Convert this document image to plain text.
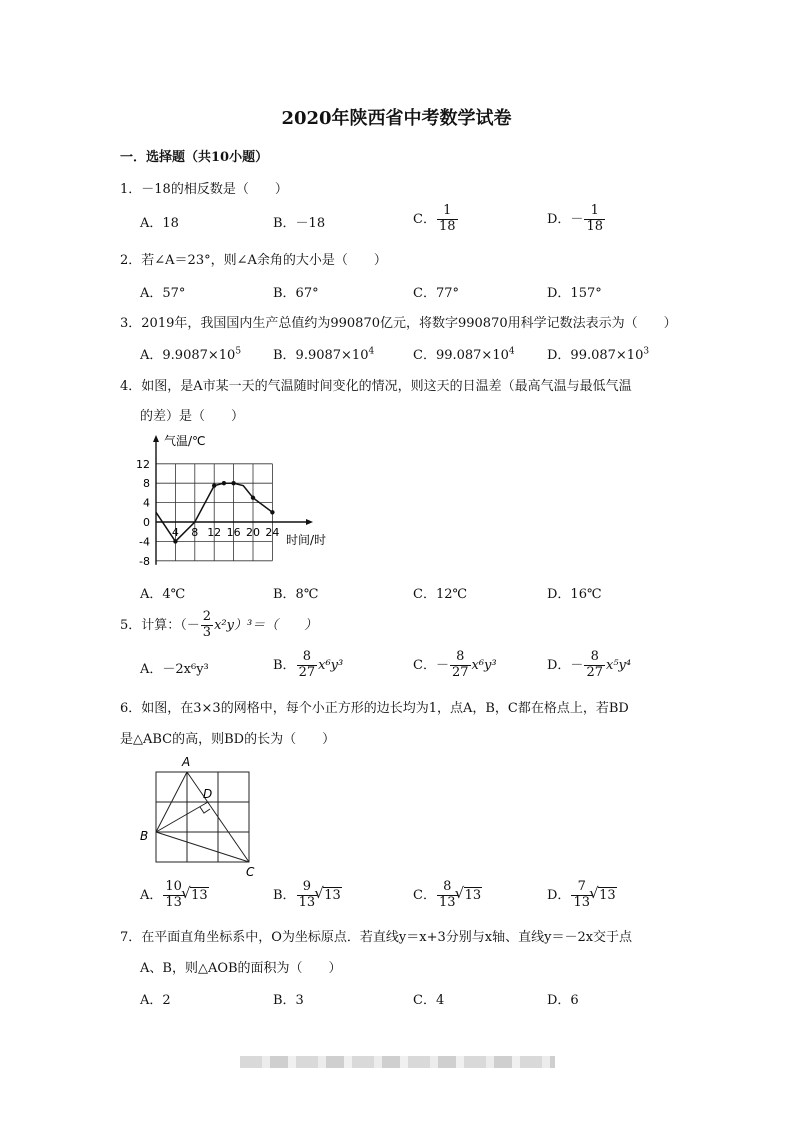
2020年陕西省中考数学试卷
一．选择题（共10小题）
1．－18的相反数是（　　）
A．18	B．－18	C． $\frac{1}{18}$	D．－ $\frac{1}{18}$
2．若∠A＝23°，则∠A余角的大小是（　　）
A．57°	B．67°	C．77°	D．157°
3．2019年，我国国内生产总值约为990870亿元，将数字990870用科学记数法表示为（　　）
A．$9.9087\times 10^5$ B．$9.9087\times 10^4$	C．$99.087\times 10^4$ D．$99.087\times 10^3$
4．如图，是A市某一天的气温随时间变化的情况，则这天的日温差（最高气温与最低气温
的差）是（　　）
12
8
4
0
-4
-8
4 8 12 16 20 24
气温/℃
时间/时
A．4℃	B．8℃	C．12℃	D．16℃
5．计算：（－ $\frac{2}{3} x^2y)^3=$（　　）
A．－2x⁶y³	B． $\frac{8}{27} x^6y^3$	C．－ $\frac{8}{27} x^6y^3$	D．－ $\frac{8}{27} x^5y^4$
6．如图，在3×3的网格中，每个小正方形的边长均为1，点A，B，C都在格点上，若BD
是△ABC的高，则BD的长为（　　）
A
B
C
D
A． $\frac{10}{13}$ √ 13	B． $\frac{9}{13}$ √ 13	C． $\frac{8}{13}$ √ 13	D． $\frac{7}{13}$ √ 13
7．在平面直角坐标系中，O为坐标原点．若直线y＝x+3分别与x轴、直线y＝－2x交于点
A、B，则△AOB的面积为（　　）
A．2	B．3	C．4	D．6
